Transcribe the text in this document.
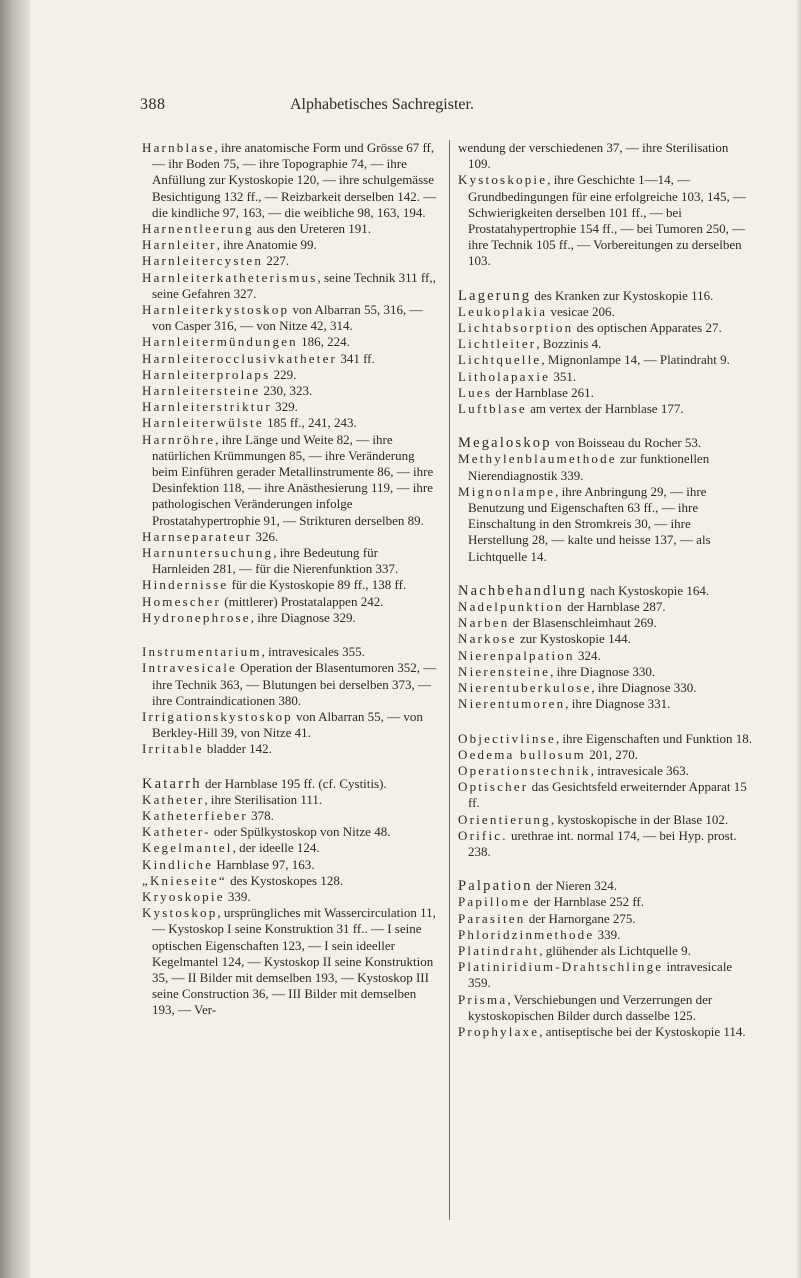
388	Alphabetisches Sachregister.

Harnblase, ihre anatomische Form und Grösse 67 ff, — ihr Boden 75, — ihre Topographie 74, — ihre Anfüllung zur Kystoskopie 120, — ihre schulgemässe Besichtigung 132 ff., — Reizbarkeit derselben 142. — die kindliche 97, 163, — die weibliche 98, 163, 194.

Harnentleerung aus den Ureteren 191.

Harnleiter, ihre Anatomie 99.

Harnleitercysten 227.

Harnleiterkatheterismus, seine Technik 311 ff,, seine Gefahren 327.

Harnleiterkystoskop von Albarran 55, 316, — von Casper 316, — von Nitze 42, 314.

Harnleitermündungen 186, 224.

Harnleiterocclusivkatheter 341 ff.

Harnleiterprolaps 229.

Harnleitersteine 230, 323.

Harnleiterstriktur 329.

Harnleiterwülste 185 ff., 241, 243.

Harnröhre, ihre Länge und Weite 82, — ihre natürlichen Krümmungen 85, — ihre Veränderung beim Einführen gerader Metallinstrumente 86, — ihre Desinfektion 118, — ihre Anästhesierung 119, — ihre pathologischen Veränderungen infolge Prostatahypertrophie 91, — Strikturen derselben 89.

Harnseparateur 326.

Harnuntersuchung, ihre Bedeutung für Harnleiden 281, — für die Nierenfunktion 337.

Hindernisse für die Kystoskopie 89 ff., 138 ff.

Homescher (mittlerer) Prostatalappen 242.

Hydronephrose, ihre Diagnose 329.

Instrumentarium, intravesicales 355.

Intravesicale Operation der Blasentumoren 352, — ihre Technik 363, — Blutungen bei derselben 373, — ihre Contraindicationen 380.

Irrigationskystoskop von Albarran 55, — von Berkley-Hill 39, von Nitze 41.

Irritable bladder 142.

Katarrh der Harnblase 195 ff. (cf. Cystitis).

Katheter, ihre Sterilisation 111.

Katheterfieber 378.

Katheter- oder Spülkystoskop von Nitze 48.

Kegelmantel, der ideelle 124.

Kindliche Harnblase 97, 163.

„Knieseite“ des Kystoskopes 128.

Kryoskopie 339.

Kystoskop, ursprüngliches mit Wassercirculation 11, — Kystoskop I seine Konstruktion 31 ff.. — I seine optischen Eigenschaften 123, — I sein ideeller Kegelmantel 124, — Kystoskop II seine Konstruktion 35, — II Bilder mit demselben 193, — Kystoskop III seine Construction 36, — III Bilder mit demselben 193, — Ver-

wendung der verschiedenen 37, — ihre Sterilisation 109.

Kystoskopie, ihre Geschichte 1—14, — Grundbedingungen für eine erfolgreiche 103, 145, — Schwierigkeiten derselben 101 ff., — bei Prostatahypertrophie 154 ff., — bei Tumoren 250, — ihre Technik 105 ff., — Vorbereitungen zu derselben 103.

Lagerung des Kranken zur Kystoskopie 116.

Leukoplakia vesicae 206.

Lichtabsorption des optischen Apparates 27.

Lichtleiter, Bozzinis 4.

Lichtquelle, Mignonlampe 14, — Platindraht 9.

Litholapaxie 351.

Lues der Harnblase 261.

Luftblase am vertex der Harnblase 177.

Megaloskop von Boisseau du Rocher 53.

Methylenblaumethode zur funktionellen Nierendiagnostik 339.

Mignonlampe, ihre Anbringung 29, — ihre Benutzung und Eigenschaften 63 ff., — ihre Einschaltung in den Stromkreis 30, — ihre Herstellung 28, — kalte und heisse 137, — als Lichtquelle 14.

Nachbehandlung nach Kystoskopie 164.

Nadelpunktion der Harnblase 287.

Narben der Blasenschleimhaut 269.

Narkose zur Kystoskopie 144.

Nierenpalpation 324.

Nierensteine, ihre Diagnose 330.

Nierentuberkulose, ihre Diagnose 330.

Nierentumoren, ihre Diagnose 331.

Objectivlinse, ihre Eigenschaften und Funktion 18.

Oedema bullosum 201, 270.

Operationstechnik, intravesicale 363.

Optischer das Gesichtsfeld erweiternder Apparat 15 ff.

Orientierung, kystoskopische in der Blase 102.

Orific. urethrae int. normal 174, — bei Hyp. prost. 238.

Palpation der Nieren 324.

Papillome der Harnblase 252 ff.

Parasiten der Harnorgane 275.

Phloridzinmethode 339.

Platindraht, glühender als Lichtquelle 9.

Platiniridium-Drahtschlinge intravesicale 359.

Prisma, Verschiebungen und Verzerrungen der kystoskopischen Bilder durch dasselbe 125.

Prophylaxe, antiseptische bei der Kystoskopie 114.
